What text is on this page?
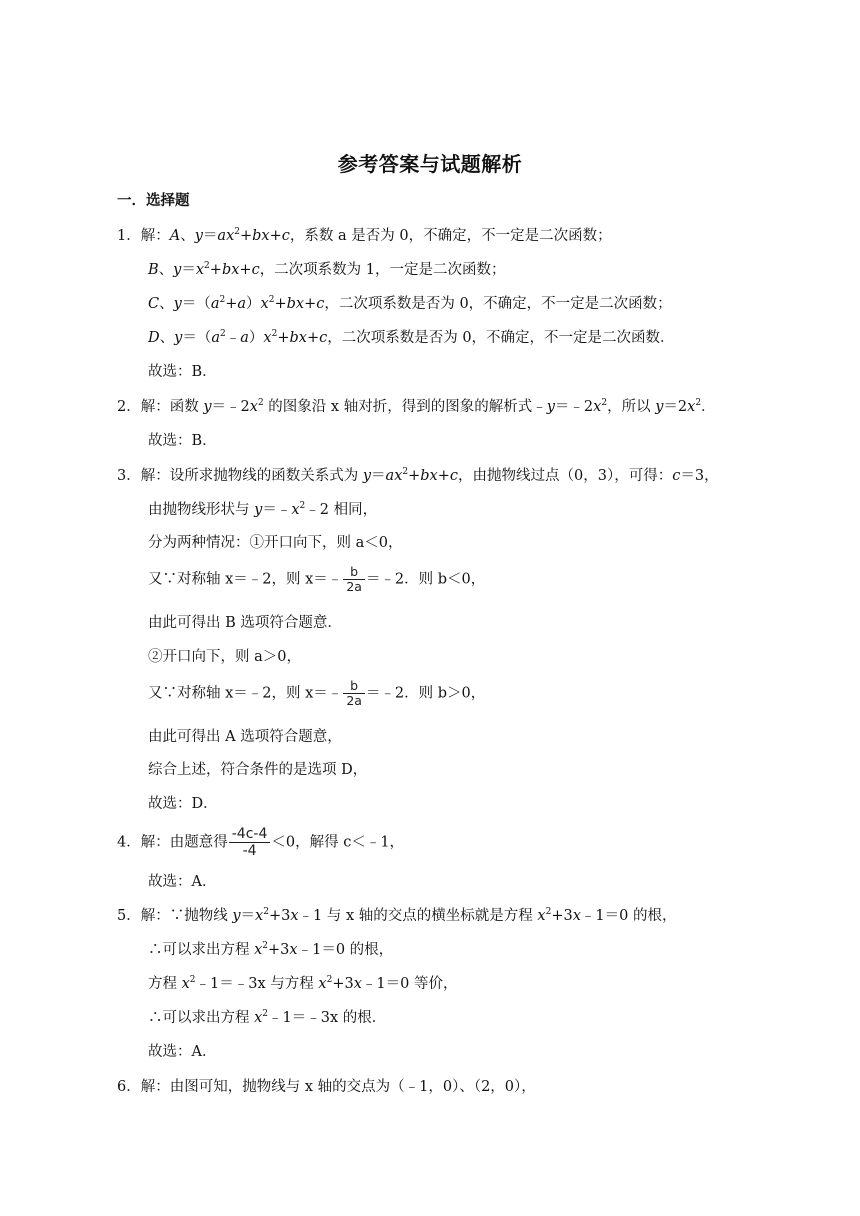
参考答案与试题解析
一．选择题
1．解：A、$y=ax^2+bx+c$，系数 a 是否为 0，不确定，不一定是二次函数；
B、$y=x^2+bx+c$，二次项系数为 1，一定是二次函数；
C、$y=(a^2+a)x^2+bx+c$，二次项系数是否为 0，不确定，不一定是二次函数；
D、$y=(a^2﹣a)x^2+bx+c$，二次项系数是否为 0，不确定，不一定是二次函数．
故选：B．
2．解：函数 $y=﹣2x^2$ 的图象沿 x 轴对折，得到的图象的解析式$﹣y=﹣2x^2$，所以 $y=2x^2$．
故选：B．
3．解：设所求抛物线的函数关系式为 $y=ax^2+bx+c$，由抛物线过点（0，3），可得：c＝3，
由抛物线形状与 $y=﹣x^2﹣2$ 相同，
分为两种情况：①开口向下，则 a＜0，
又∵对称轴 x＝﹣2，则 x＝﹣ $\frac{b}{2a}$ ＝﹣2．则 b＜0，
由此可得出 B 选项符合题意．
②开口向下，则 a＞0，
又∵对称轴 x＝﹣2，则 x＝﹣ $\frac{b}{2a}$ ＝﹣2．则 b＞0，
由此可得出 A 选项符合题意，
综合上述，符合条件的是选项 D，
故选：D．
4．解：由题意得 $\frac{-4c-4}{-4} <0$，解得 c＜﹣1，
故选：A．
5．解：∵抛物线 $y=x^2+3x﹣1$ 与 x 轴的交点的横坐标就是方程 $x^2+3x﹣1=0$ 的根，
∴可以求出方程 $x^2+3x﹣1=0$ 的根，
方程 $x^2﹣1=﹣3x$ 与方程 $x^2+3x﹣1=0$ 等价，
∴可以求出方程 $x^2﹣1=﹣3x$ 的根．
故选：A．
6．解：由图可知，抛物线与 x 轴的交点为（﹣1，0）、（2，0），
